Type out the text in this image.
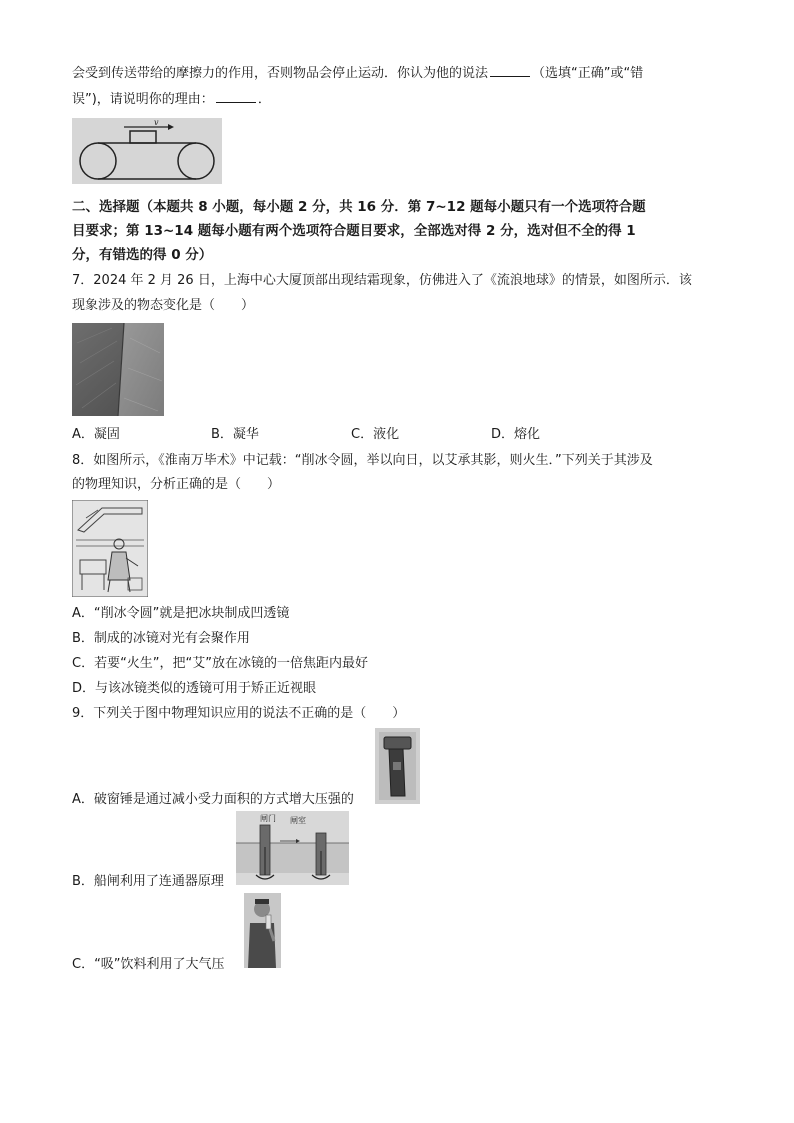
会受到传送带给的摩擦力的作用，否则物品会停止运动．你认为他的说法	（选填“正确”或“错
误”)，请说明你的理由：	．
v
二、选择题（本题共 8 小题，每小题 2 分，共 16 分．第 7~12 题每小题只有一个选项符合题
目要求；第 13~14 题每小题有两个选项符合题目要求，全部选对得 2 分，选对但不全的得 1
分，有错选的得 0 分）
7．2024 年 2 月 26 日，上海中心大厦顶部出现结霜现象，仿佛进入了《流浪地球》的情景，如图所示．该
现象涉及的物态变化是（　　）
A．凝固	B．凝华	C．液化	D．熔化
8．如图所示，《淮南万毕术》中记载：“削冰令圆，举以向日，以艾承其影，则火生．”下列关于其涉及
的物理知识，分析正确的是（　　）
A．“削冰令圆”就是把冰块制成凹透镜
B．制成的冰镜对光有会聚作用
C．若要“火生”，把“艾”放在冰镜的一倍焦距内最好
D．与该冰镜类似的透镜可用于矫正近视眼
9．下列关于图中物理知识应用的说法不正确的是（　　）
A．破窗锤是通过减小受力面积的方式增大压强的
闸门 闸室
B．船闸利用了连通器原理
C．“吸”饮料利用了大气压
